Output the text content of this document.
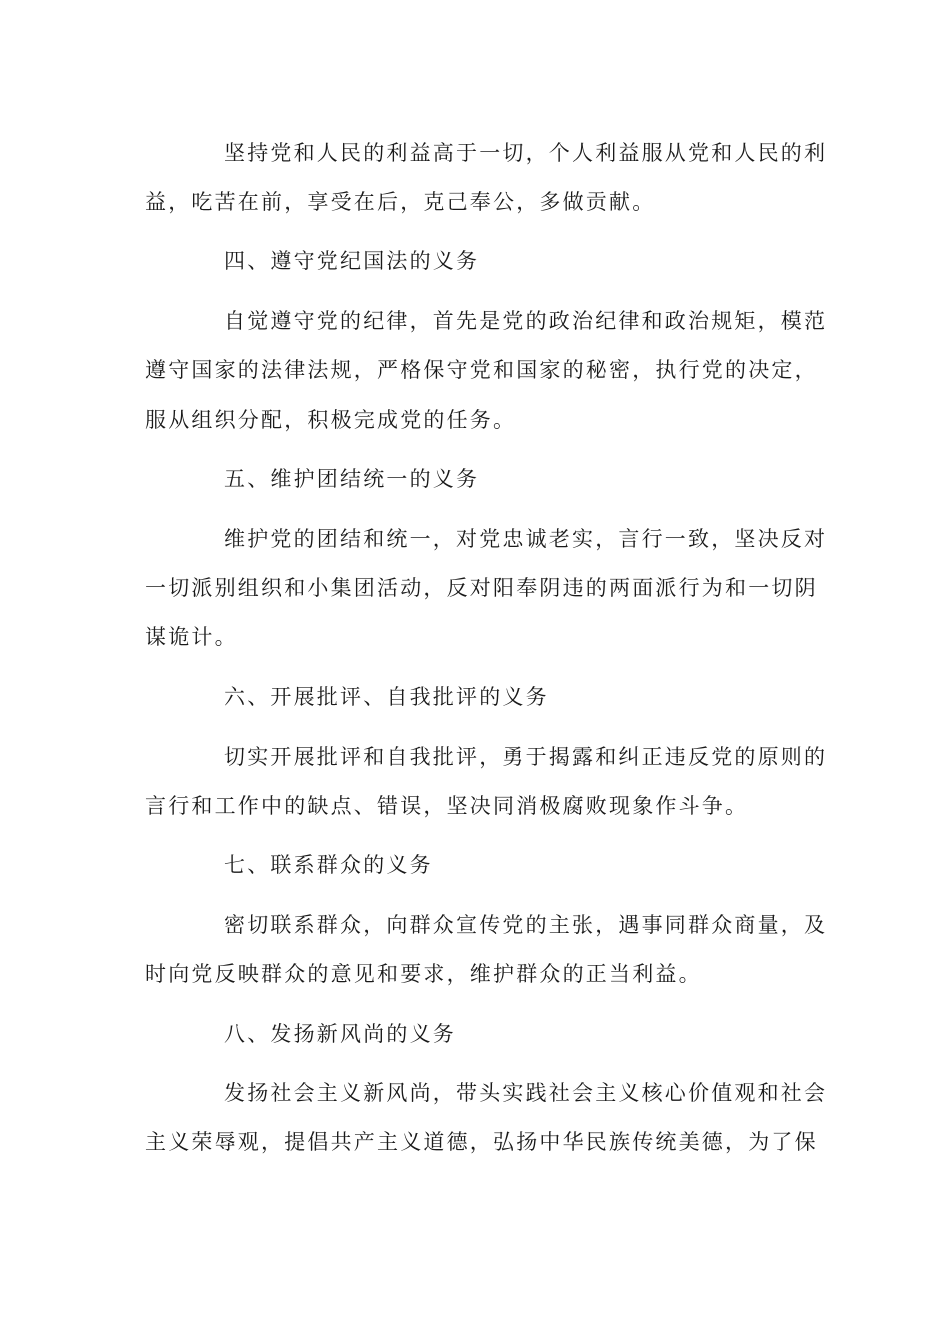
坚持党和人民的利益高于一切，个人利益服从党和人民的利
益，吃苦在前，享受在后，克己奉公，多做贡献。
四、遵守党纪国法的义务
自觉遵守党的纪律，首先是党的政治纪律和政治规矩，模范
遵守国家的法律法规，严格保守党和国家的秘密，执行党的决定，
服从组织分配，积极完成党的任务。
五、维护团结统一的义务
维护党的团结和统一，对党忠诚老实，言行一致，坚决反对
一切派别组织和小集团活动，反对阳奉阴违的两面派行为和一切阴
谋诡计。
六、开展批评、自我批评的义务
切实开展批评和自我批评，勇于揭露和纠正违反党的原则的
言行和工作中的缺点、错误，坚决同消极腐败现象作斗争。
七、联系群众的义务
密切联系群众，向群众宣传党的主张，遇事同群众商量，及
时向党反映群众的意见和要求，维护群众的正当利益。
八、发扬新风尚的义务
发扬社会主义新风尚，带头实践社会主义核心价值观和社会
主义荣辱观，提倡共产主义道德，弘扬中华民族传统美德，为了保
